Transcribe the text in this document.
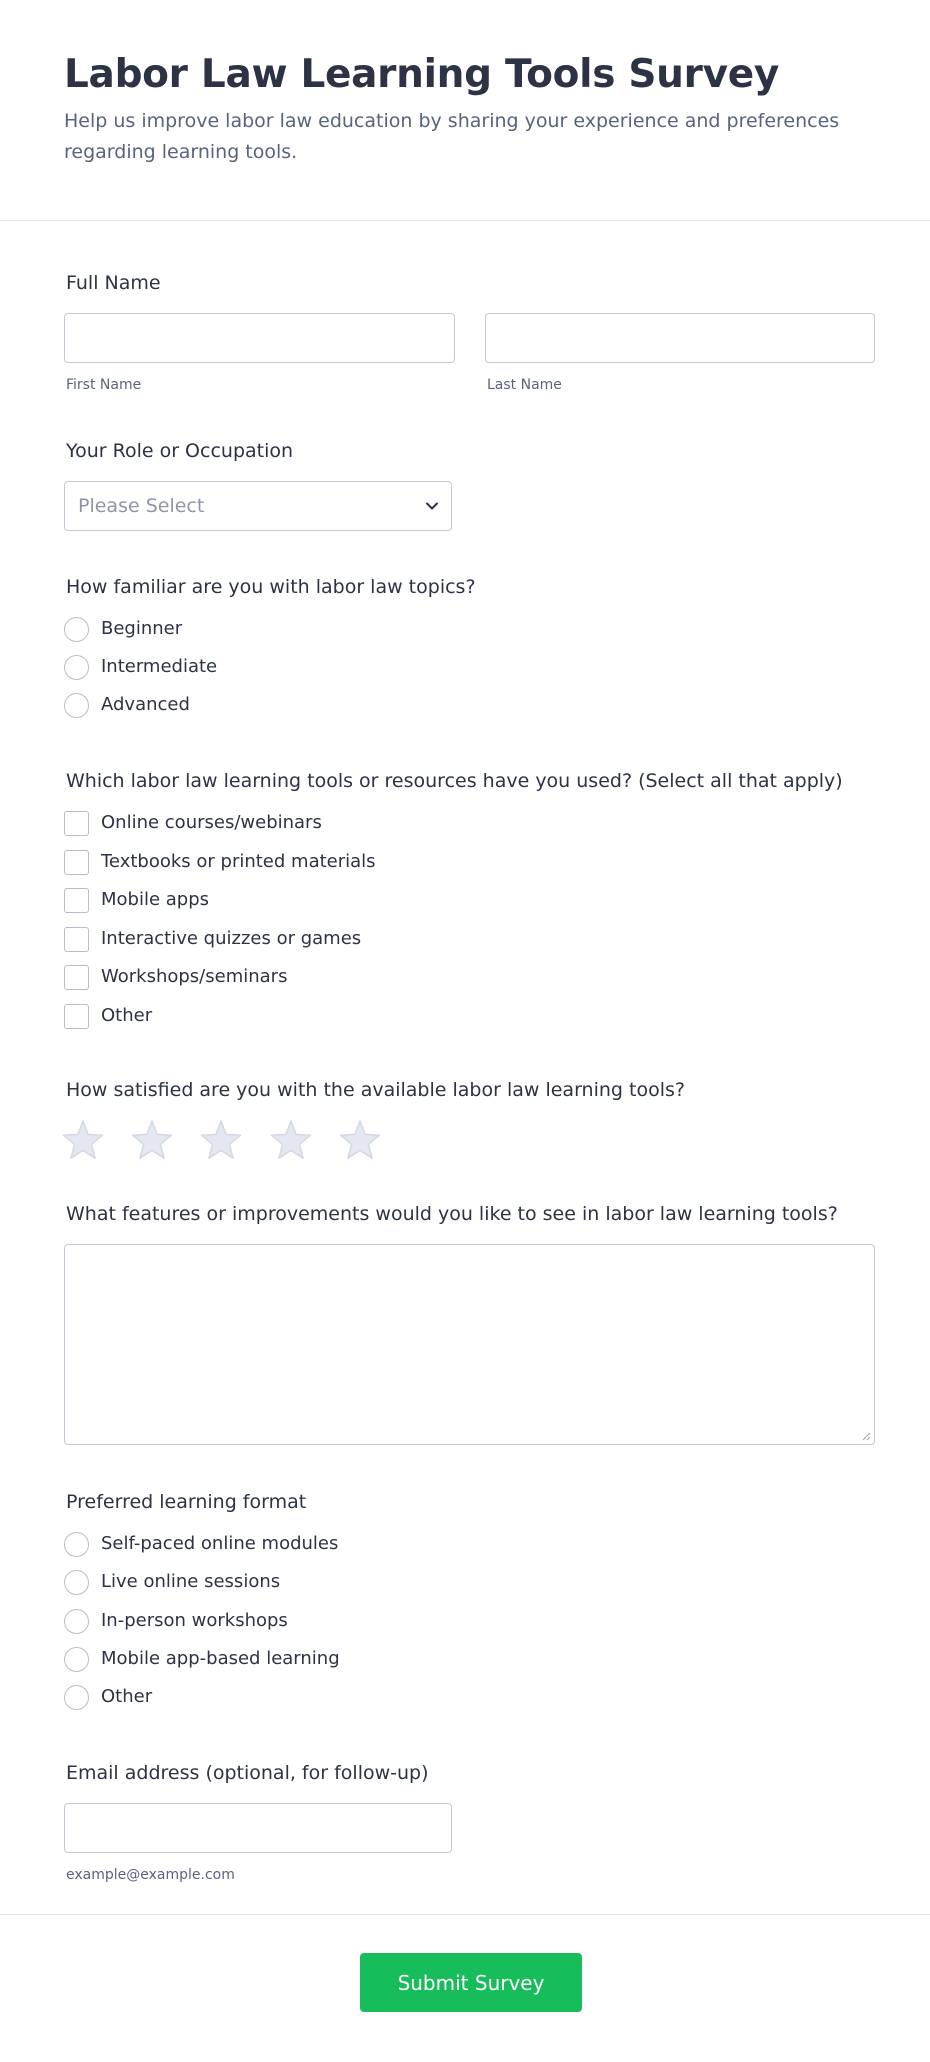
Labor Law Learning Tools Survey

Help us improve labor law education by sharing your experience and preferences regarding learning tools.

Full Name
First Name	Last Name
Your Role or Occupation
Please Select
How familiar are you with labor law topics?
Beginner
Intermediate
Advanced
Which labor law learning tools or resources have you used? (Select all that apply)
Online courses/webinars
Textbooks or printed materials
Mobile apps
Interactive quizzes or games
Workshops/seminars
Other
How satisfied are you with the available labor law learning tools?
What features or improvements would you like to see in labor law learning tools?
Preferred learning format
Self-paced online modules
Live online sessions
In-person workshops
Mobile app-based learning
Other
Email address (optional, for follow-up)
example@example.com
Submit Survey
